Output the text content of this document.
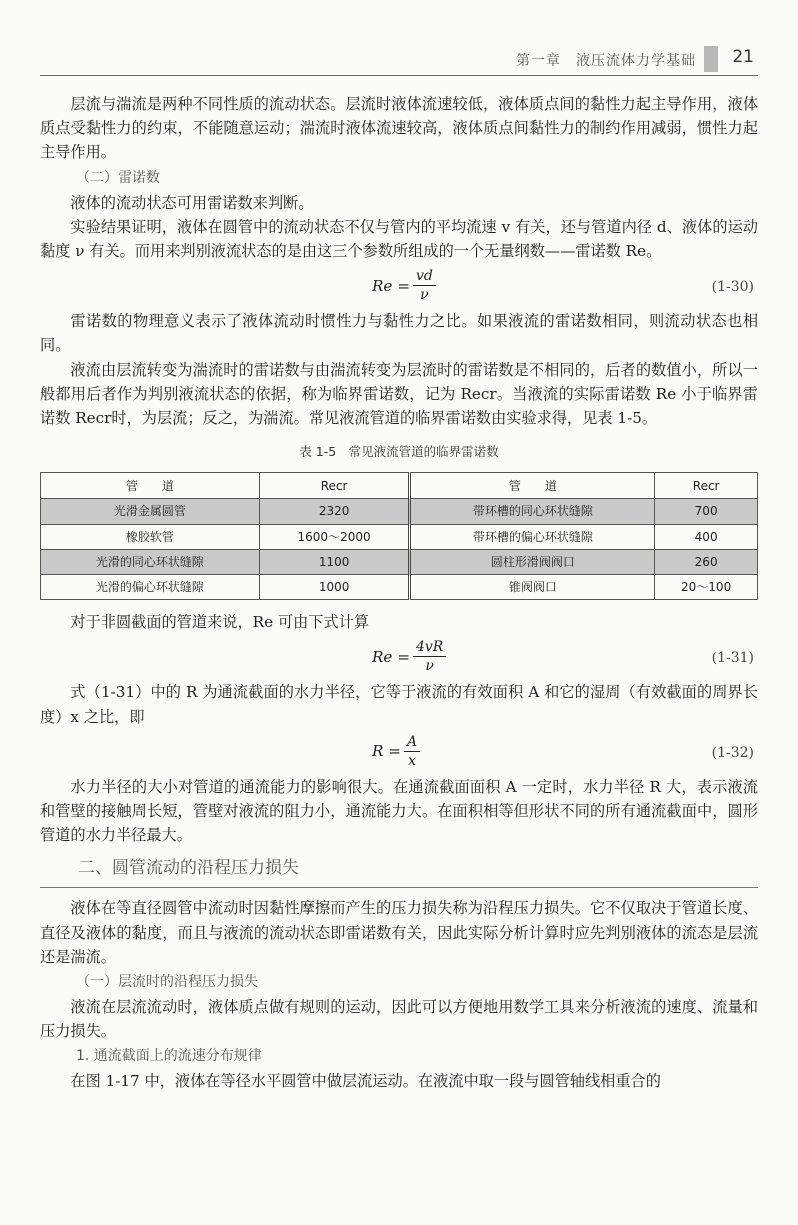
第一章　液压流体力学基础 21

层流与湍流是两种不同性质的流动状态。层流时液体流速较低，液体质点间的黏性力起主导作用，液体质点受黏性力的约束，不能随意运动；湍流时液体流速较高，液体质点间黏性力的制约作用减弱，惯性力起主导作用。

（二）雷诺数

液体的流动状态可用雷诺数来判断。

实验结果证明，液体在圆管中的流动状态不仅与管内的平均流速 v 有关，还与管道内径 d、液体的运动黏度 ν 有关。而用来判别液流状态的是由这三个参数所组成的一个无量纲数——雷诺数 Re。

$Re = \frac{vd}{\nu}$	(1-30)

雷诺数的物理意义表示了液体流动时惯性力与黏性力之比。如果液流的雷诺数相同，则流动状态也相同。

液流由层流转变为湍流时的雷诺数与由湍流转变为层流时的雷诺数是不相同的，后者的数值小，所以一般都用后者作为判别液流状态的依据，称为临界雷诺数，记为 Recr。当液流的实际雷诺数 Re 小于临界雷诺数 Recr时，为层流；反之，为湍流。常见液流管道的临界雷诺数由实验求得，见表 1-5。

表 1-5　常见液流管道的临界雷诺数
管　　道	Recr	管　　道	Recr
光滑金属圆管	2320	带环槽的同心环状缝隙	700
橡胶软管	1600～2000	带环槽的偏心环状缝隙	400
光滑的同心环状缝隙	1100	圆柱形滑阀阀口	260
光滑的偏心环状缝隙	1000	锥阀阀口	20～100

对于非圆截面的管道来说，Re 可由下式计算

$Re = \frac{4vR}{\nu}$	(1-31)

式（1-31）中的 R 为通流截面的水力半径，它等于液流的有效面积 A 和它的湿周（有效截面的周界长度）x 之比，即

$R = \frac{A}{x}$	(1-32)

水力半径的大小对管道的通流能力的影响很大。在通流截面面积 A 一定时，水力半径 R 大，表示液流和管壁的接触周长短，管壁对液流的阻力小，通流能力大。在面积相等但形状不同的所有通流截面中，圆形管道的水力半径最大。

二、圆管流动的沿程压力损失

液体在等直径圆管中流动时因黏性摩擦而产生的压力损失称为沿程压力损失。它不仅取决于管道长度、直径及液体的黏度，而且与液流的流动状态即雷诺数有关，因此实际分析计算时应先判别液体的流态是层流还是湍流。

（一）层流时的沿程压力损失

液流在层流流动时，液体质点做有规则的运动，因此可以方便地用数学工具来分析液流的速度、流量和压力损失。

1. 通流截面上的流速分布规律

在图 1-17 中，液体在等径水平圆管中做层流运动。在液流中取一段与圆管轴线相重合的
